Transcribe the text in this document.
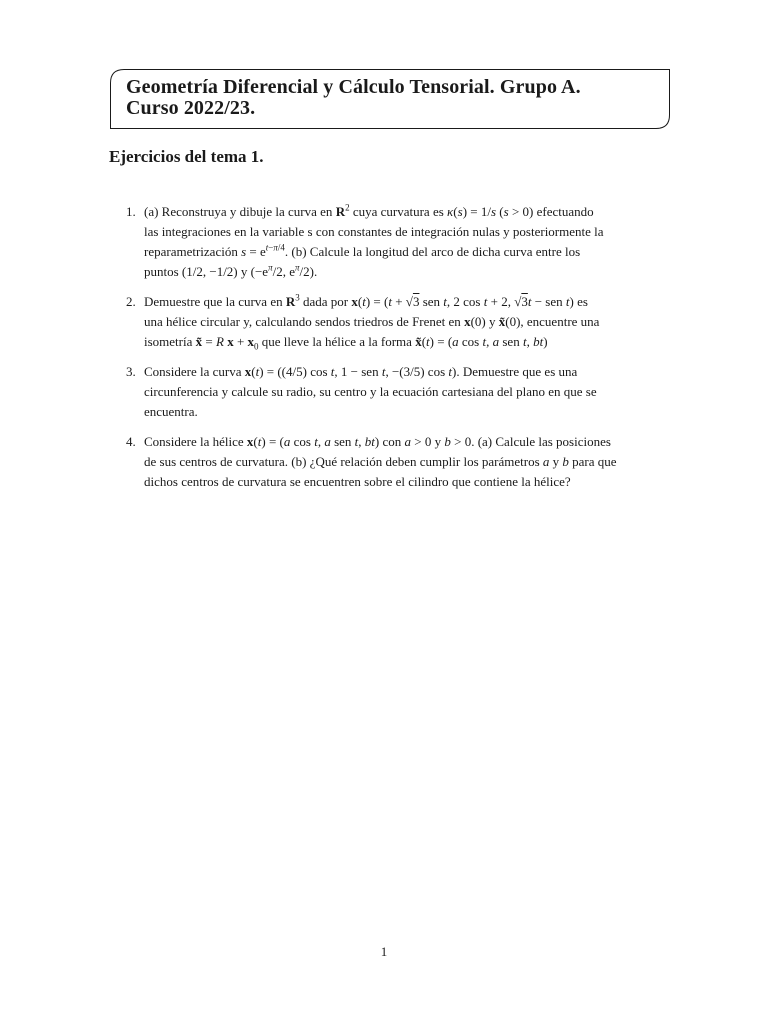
Geometría Diferencial y Cálculo Tensorial. Grupo A.
Curso 2022/23.
Ejercicios del tema 1.
1. (a) Reconstruya y dibuje la curva en $R^2$ cuya curvatura es κ(s) = 1/s (s > 0) efectuando
las integraciones en la variable s con constantes de integración nulas y posteriormente la
reparametrización $s = e^{t-\pi/4}$. (b) Calcule la longitud del arco de dicha curva entre los
puntos (1/2, −1/2) y ($-e^\pi/2$, $e^\pi/2$).
2. Demuestre que la curva en $R^3$ dada por x(t) = (t + √3 sen t, 2 cos t + 2, √3t − sen t) es
una hélice circular y, calculando sendos triedros de Frenet en x(0) y x̃(0), encuentre una
isometría x̃ = R $x + x_0$ que lleve la hélice a la forma x̃(t) = (a cos t, a sen t, bt)
3. Considere la curva x(t) = ((4/5) cos t, 1 − sen t, −(3/5) cos t). Demuestre que es una
circunferencia y calcule su radio, su centro y la ecuación cartesiana del plano en que se
encuentra.
4. Considere la hélice x(t) = (a cos t, a sen t, bt) con a > 0 y b > 0. (a) Calcule las posiciones
de sus centros de curvatura. (b) ¿Qué relación deben cumplir los parámetros a y b para que
dichos centros de curvatura se encuentren sobre el cilindro que contiene la hélice?
1
